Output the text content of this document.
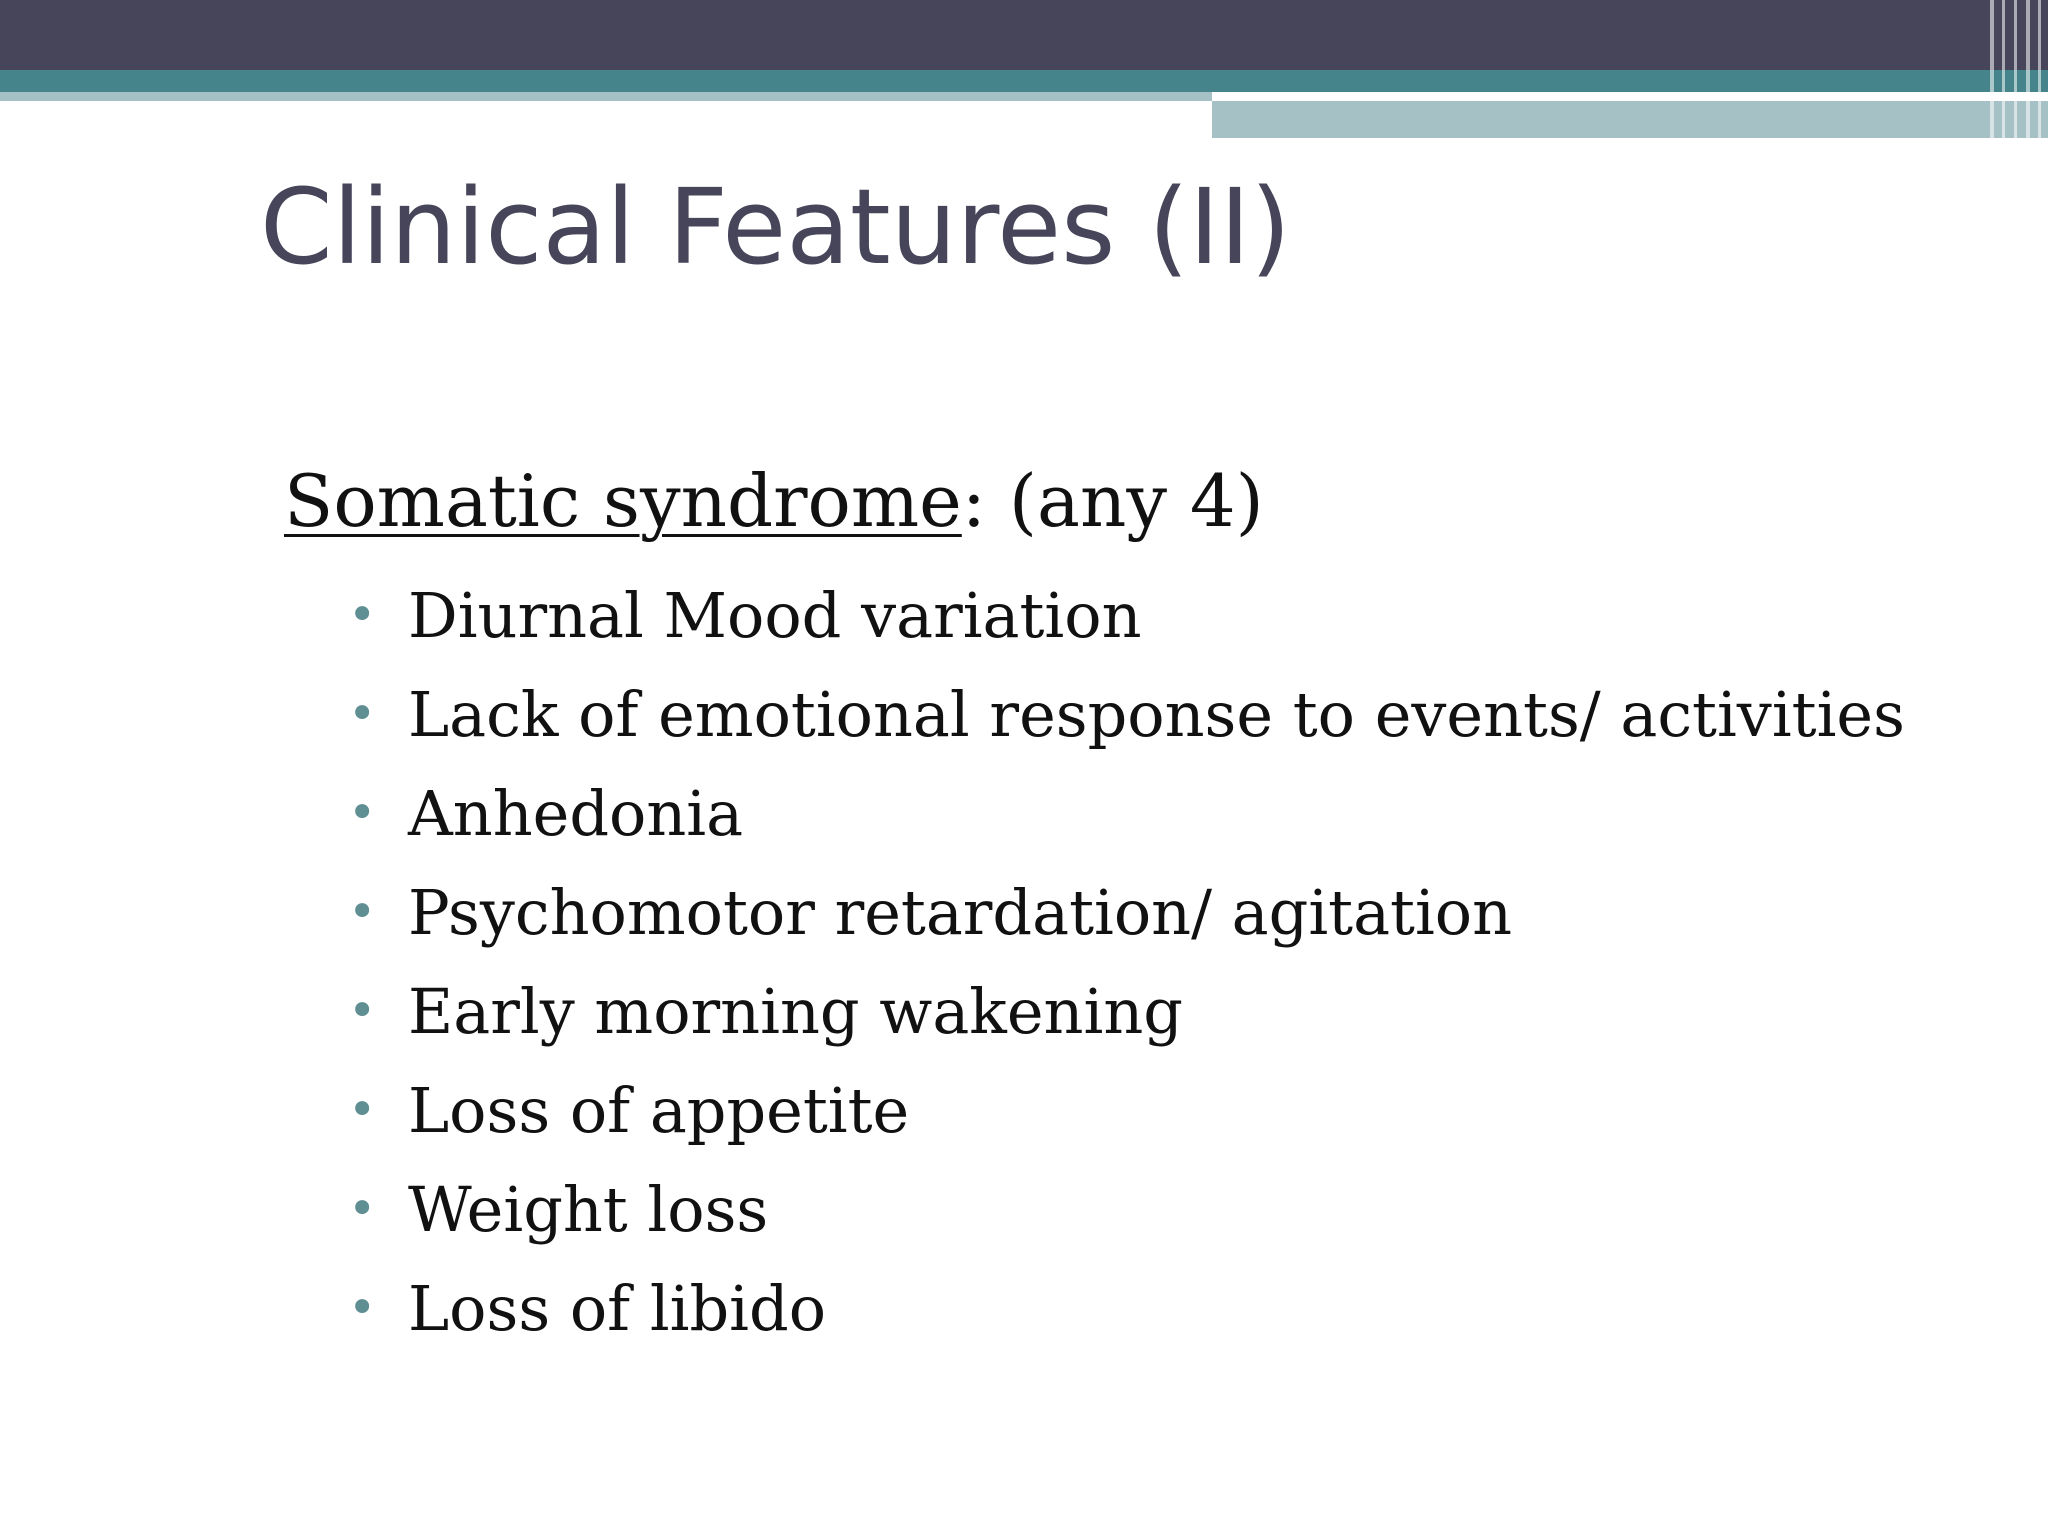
Clinical Features (II)

Somatic syndrome: (any 4)

• Diurnal Mood variation
• Lack of emotional response to events/ activities
• Anhedonia
• Psychomotor retardation/ agitation
• Early morning wakening
• Loss of appetite
• Weight loss
• Loss of libido
